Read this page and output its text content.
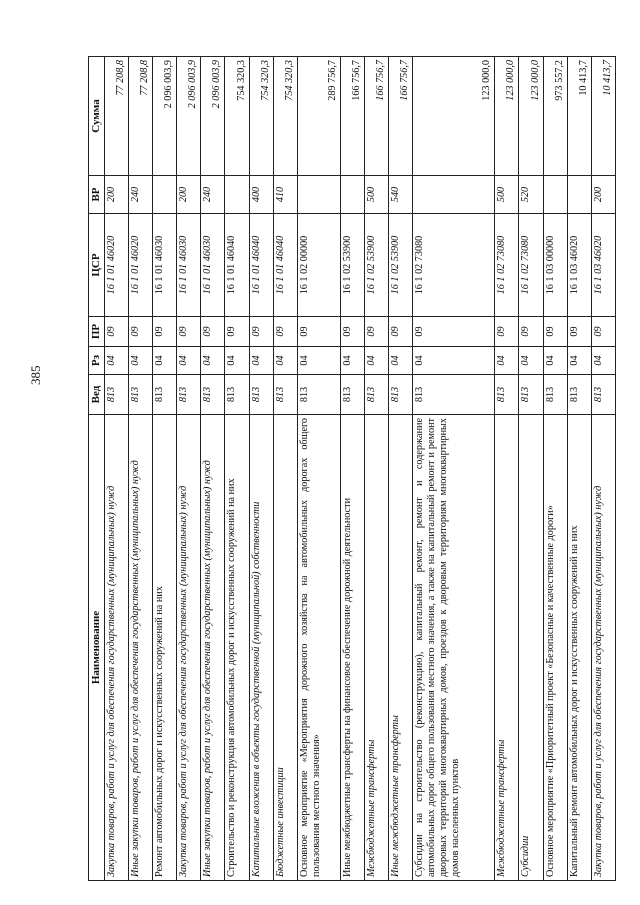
385
Наименование	Вед	Рз	ПР	ЦСР	ВР	Сумма
Закупка товаров, работ и услуг для обеспечения государственных (муниципальных) нужд	813	04	09	16 1 01 46020	200	77 208,8
Иные закупки товаров, работ и услуг для обеспечения государственных (муниципальных) нужд	813	04	09	16 1 01 46020	240	77 208,8
Ремонт автомобильных дорог и искусственных сооружений на них	813	04	09	16 1 01 46030		2 096 003,9
Закупка товаров, работ и услуг для обеспечения государственных (муниципальных) нужд	813	04	09	16 1 01 46030	200	2 096 003,9
Иные закупки товаров, работ и услуг для обеспечения государственных (муниципальных) нужд	813	04	09	16 1 01 46030	240	2 096 003,9
Строительство и реконструкция автомобильных дорог и искусственных сооружений на них	813	04	09	16 1 01 46040		754 320,3
Капитальные вложения в объекты государственной (муниципальной) собственности	813	04	09	16 1 01 46040	400	754 320,3
Бюджетные инвестиции	813	04	09	16 1 01 46040	410	754 320,3
Основное мероприятие «Мероприятия дорожного хозяйства на автомобильных дорогах общего пользования местного значения»	813	04	09	16 1 02 00000		289 756,7
Иные межбюджетные трансферты на финансовое обеспечение дорожной деятельности	813	04	09	16 1 02 53900		166 756,7
Межбюджетные трансферты	813	04	09	16 1 02 53900	500	166 756,7
Иные межбюджетные трансферты	813	04	09	16 1 02 53900	540	166 756,7
Субсидии на строительство (реконструкцию), капитальный ремонт, ремонт и содержание автомобильных дорог общего пользования местного значения, а также на капитальный ремонт и ремонт дворовых территорий многоквартирных домов, проездов к дворовым территориям многоквартирных домов населенных пунктов	813	04	09	16 1 02 73080		123 000,0
Межбюджетные трансферты	813	04	09	16 1 02 73080	500	123 000,0
Субсидии	813	04	09	16 1 02 73080	520	123 000,0
Основное мероприятие «Приоритетный проект «Безопасные и качественные дороги»	813	04	09	16 1 03 00000		973 557,2
Капитальный ремонт автомобильных дорог и искусственных сооружений на них	813	04	09	16 1 03 46020		10 413,7
Закупка товаров, работ и услуг для обеспечения государственных (муниципальных) нужд	813	04	09	16 1 03 46020	200	10 413,7
